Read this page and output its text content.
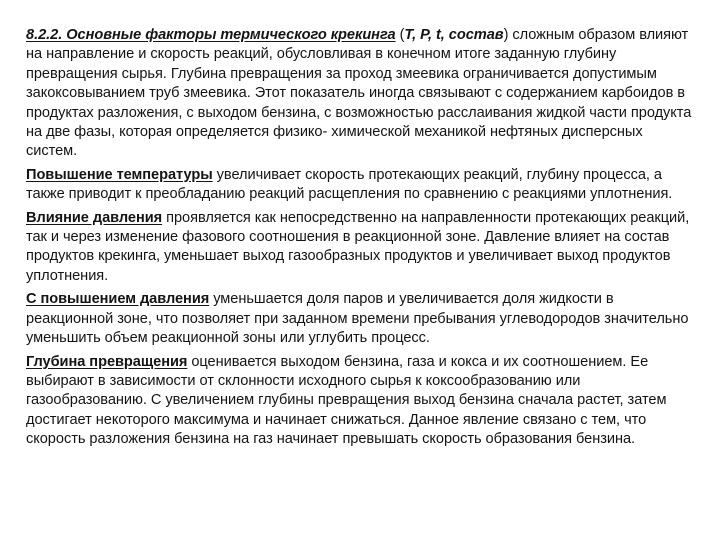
8.2.2. Основные факторы термического крекинга (T, P, t, состав) сложным образом влияют на направление и скорость реакций, обусловливая в конечном итоге заданную глубину превращения сырья. Глубина превращения за проход змеевика ограничивается допустимым закоксовыванием труб змеевика. Этот показатель иногда связывают с содержанием карбоидов в продуктах разложения, с выходом бензина, с возможностью расслаивания жидкой части продукта на две фазы, которая определяется физико- химической механикой нефтяных дисперсных систем.

Повышение температуры увеличивает скорость протекающих реакций, глубину процесса, а также приводит к преобладанию реакций расщепления по сравнению с реакциями уплотнения.

Влияние давления проявляется как непосредственно на направленности протекающих реакций, так и через изменение фазового соотношения в реакционной зоне. Давление влияет на состав продуктов крекинга, уменьшает выход газообразных продуктов и увеличивает выход продуктов уплотнения.

С повышением давления уменьшается доля паров и увеличивается доля жидкости в реакционной зоне, что позволяет при заданном времени пребывания углеводородов значительно уменьшить объем реакционной зоны или углубить процесс.

Глубина превращения оценивается выходом бензина, газа и кокса и их соотношением. Ее выбирают в зависимости от склонности исходного сырья к коксообразованию или газообразованию. С увеличением глубины превращения выход бензина сначала растет, затем достигает некоторого максимума и начинает снижаться. Данное явление связано с тем, что скорость разложения бензина на газ начинает превышать скорость образования бензина.
